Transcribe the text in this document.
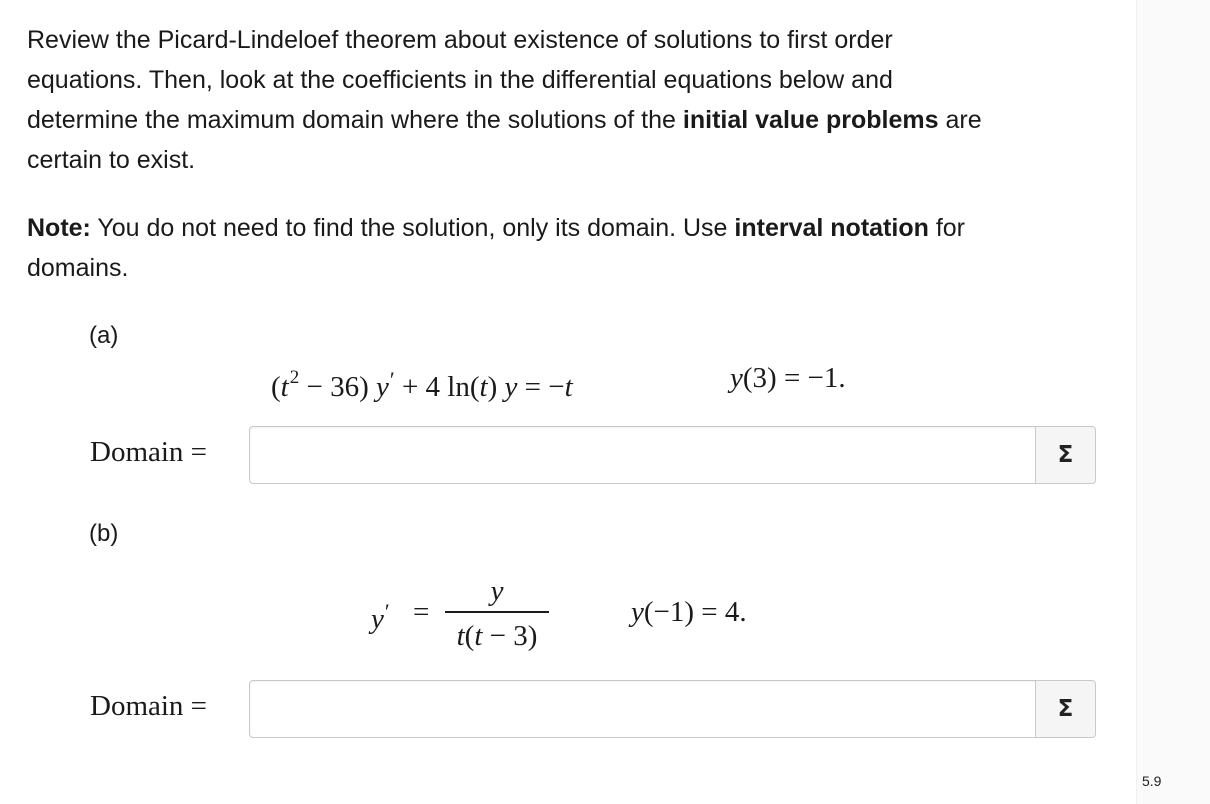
Review the Picard-Lindeloef theorem about existence of solutions to first order
equations. Then, look at the coefficients in the differential equations below and
determine the maximum domain where the solutions of the initial value problems are
certain to exist.
Note: You do not need to find the solution, only its domain. Use interval notation for
domains.
(a)
$(t^2 - 36) y' + 4$ ln(t) y = −t	y(3) = −1.
Domain =	Σ
(b)
y′ =
y
t(t − 3)
y(−1) = 4.
Domain =	Σ
5.9
